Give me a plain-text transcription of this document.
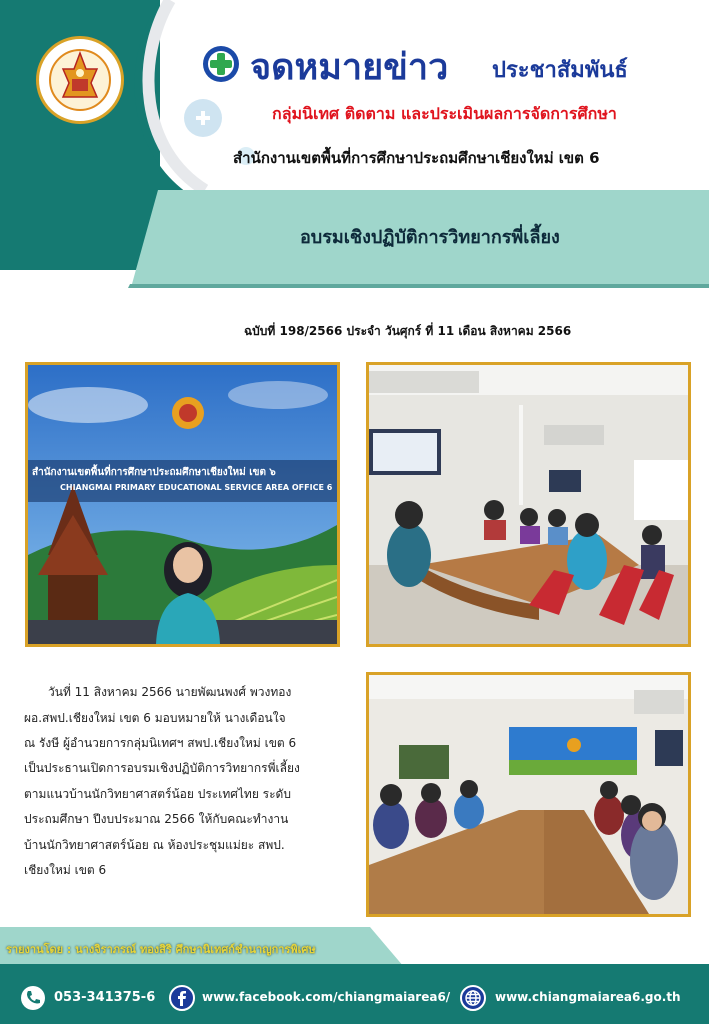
จดหมายข่าว ประชาสัมพันธ์
กลุ่มนิเทศ ติดตาม และประเมินผลการจัดการศึกษา
สำนักงานเขตพื้นที่การศึกษาประถมศึกษาเชียงใหม่ เขต 6
อบรมเชิงปฏิบัติการวิทยากรพี่เลี้ยง
ฉบับที่ 198/2566 ประจำ วันศุกร์ ที่ 11 เดือน สิงหาคม 2566
สำนักงานเขตพื้นที่การศึกษาประถมศึกษาเชียงใหม่ เขต ๖
CHIANGMAI PRIMARY EDUCATIONAL SERVICE AREA OFFICE 6
วันที่ 11 สิงหาคม 2566 นายพัฒนพงศ์ พวงทอง
ผอ.สพป.เชียงใหม่ เขต 6 มอบหมายให้ นางเดือนใจ
ณ รังษี ผู้อำนวยการกลุ่มนิเทศฯ สพป.เชียงใหม่ เขต 6
เป็นประธานเปิดการอบรมเชิงปฏิบัติการวิทยากรพี่เลี้ยง
ตามแนวบ้านนักวิทยาศาสตร์น้อย ประเทศไทย ระดับ
ประถมศึกษา ปีงบประมาณ 2566 ให้กับคณะทำงาน
บ้านนักวิทยาศาสตร์น้อย ณ ห้องประชุมแม่ยะ สพป.
เชียงใหม่ เขต 6
รายงานโดย : นางจิราภรณ์ ทองสิริ ศึกษานิเทศก์ชำนาญการพิเศษ
053-341375-6	www.facebook.com/chiangmaiarea6/	www.chiangmaiarea6.go.th
